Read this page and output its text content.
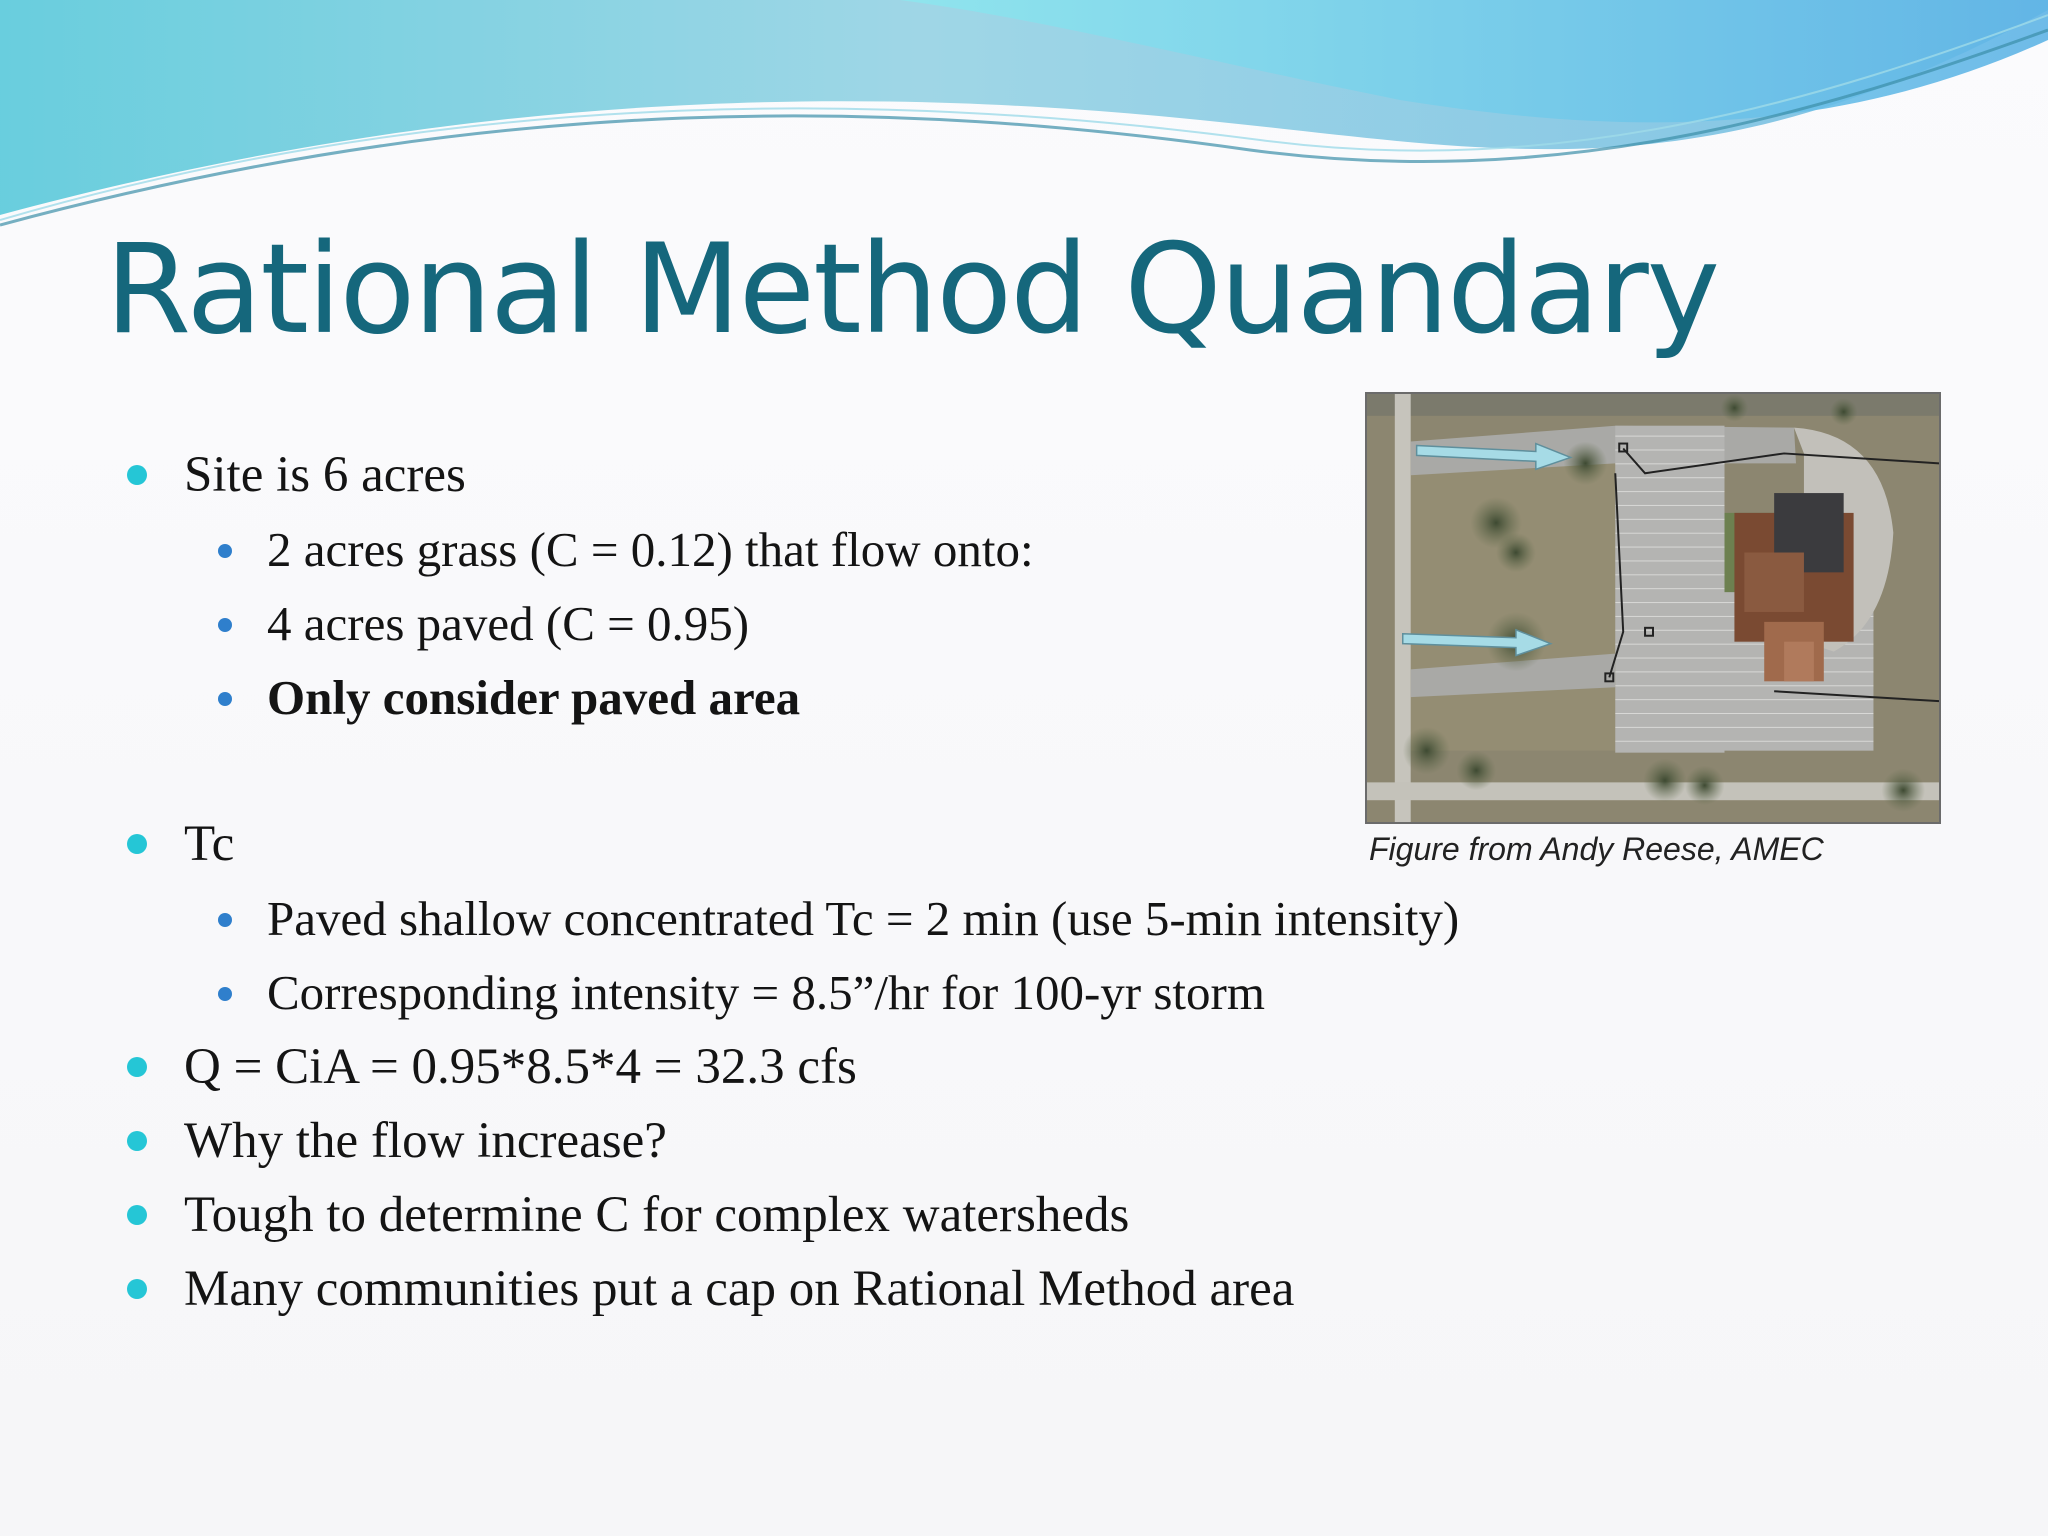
Rational Method Quandary
Site is 6 acres
2 acres grass (C = 0.12) that flow onto:
4 acres paved (C = 0.95)
Only consider paved area
Tc
Paved shallow concentrated Tc = 2 min (use 5-min intensity)
Corresponding intensity = 8.5”/hr for 100-yr storm
Q = CiA = 0.95*8.5*4 = 32.3 cfs
Why the flow increase?
Tough to determine C for complex watersheds
Many communities put a cap on Rational Method area
Figure from Andy Reese, AMEC
